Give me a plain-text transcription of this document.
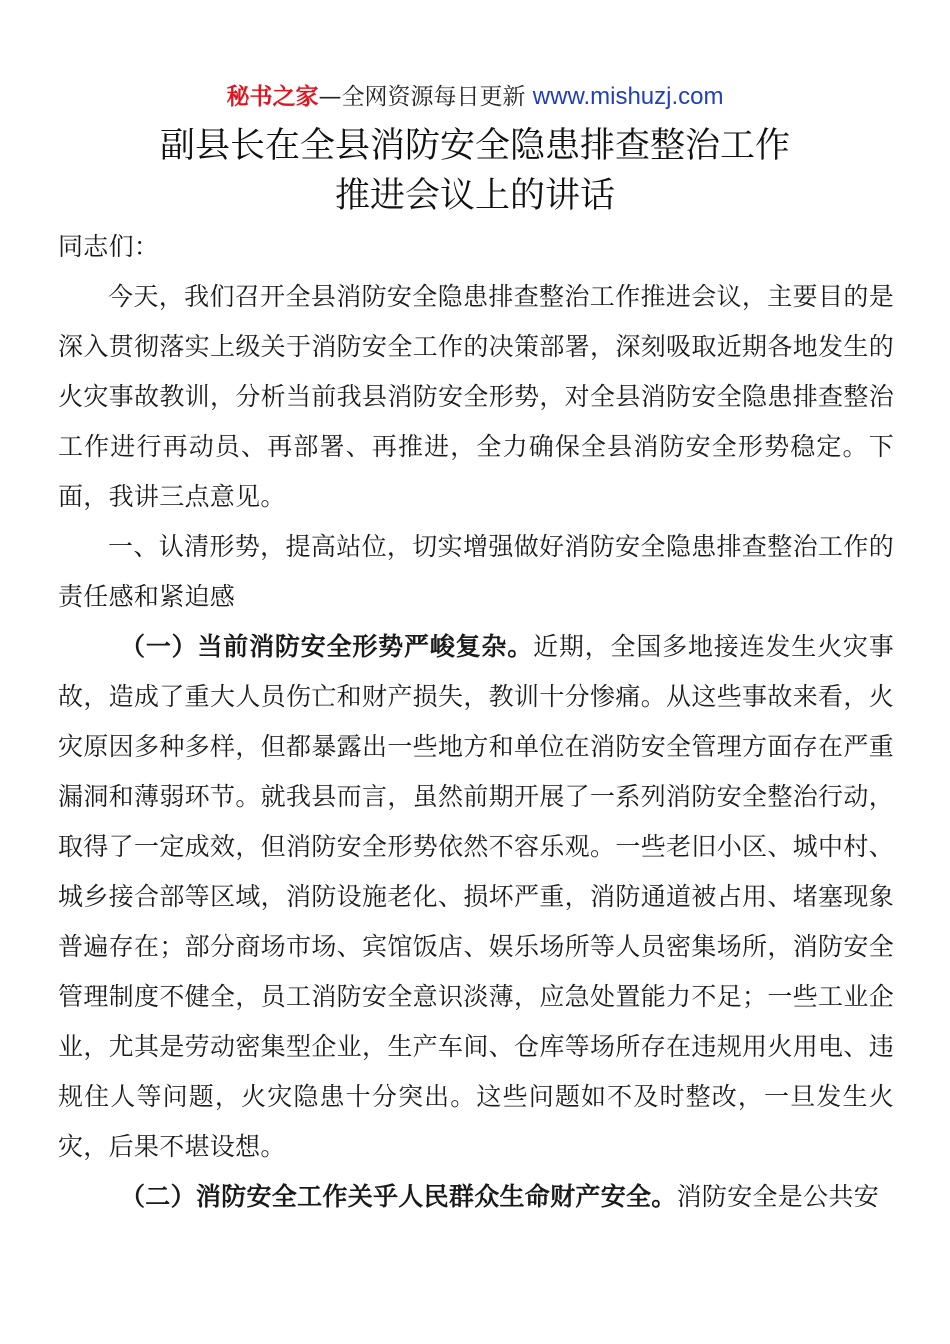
秘书之家—全网资源每日更新 www.mishuzj.com
副县长在全县消防安全隐患排查整治工作
推进会议上的讲话

同志们：

今天，我们召开全县消防安全隐患排查整治工作推进会议，主要目的是深入贯彻落实上级关于消防安全工作的决策部署，深刻吸取近期各地发生的火灾事故教训，分析当前我县消防安全形势，对全县消防安全隐患排查整治工作进行再动员、再部署、再推进，全力确保全县消防安全形势稳定。下面，我讲三点意见。

一、认清形势，提高站位，切实增强做好消防安全隐患排查整治工作的责任感和紧迫感

（一）当前消防安全形势严峻复杂。近期，全国多地接连发生火灾事故，造成了重大人员伤亡和财产损失，教训十分惨痛。从这些事故来看，火灾原因多种多样，但都暴露出一些地方和单位在消防安全管理方面存在严重漏洞和薄弱环节。就我县而言，虽然前期开展了一系列消防安全整治行动，取得了一定成效，但消防安全形势依然不容乐观。一些老旧小区、城中村、城乡接合部等区域，消防设施老化、损坏严重，消防通道被占用、堵塞现象普遍存在；部分商场市场、宾馆饭店、娱乐场所等人员密集场所，消防安全管理制度不健全，员工消防安全意识淡薄，应急处置能力不足；一些工业企业，尤其是劳动密集型企业，生产车间、仓库等场所存在违规用火用电、违规住人等问题，火灾隐患十分突出。这些问题如不及时整改，一旦发生火灾，后果不堪设想。

（二）消防安全工作关乎人民群众生命财产安全。消防安全是公共安
